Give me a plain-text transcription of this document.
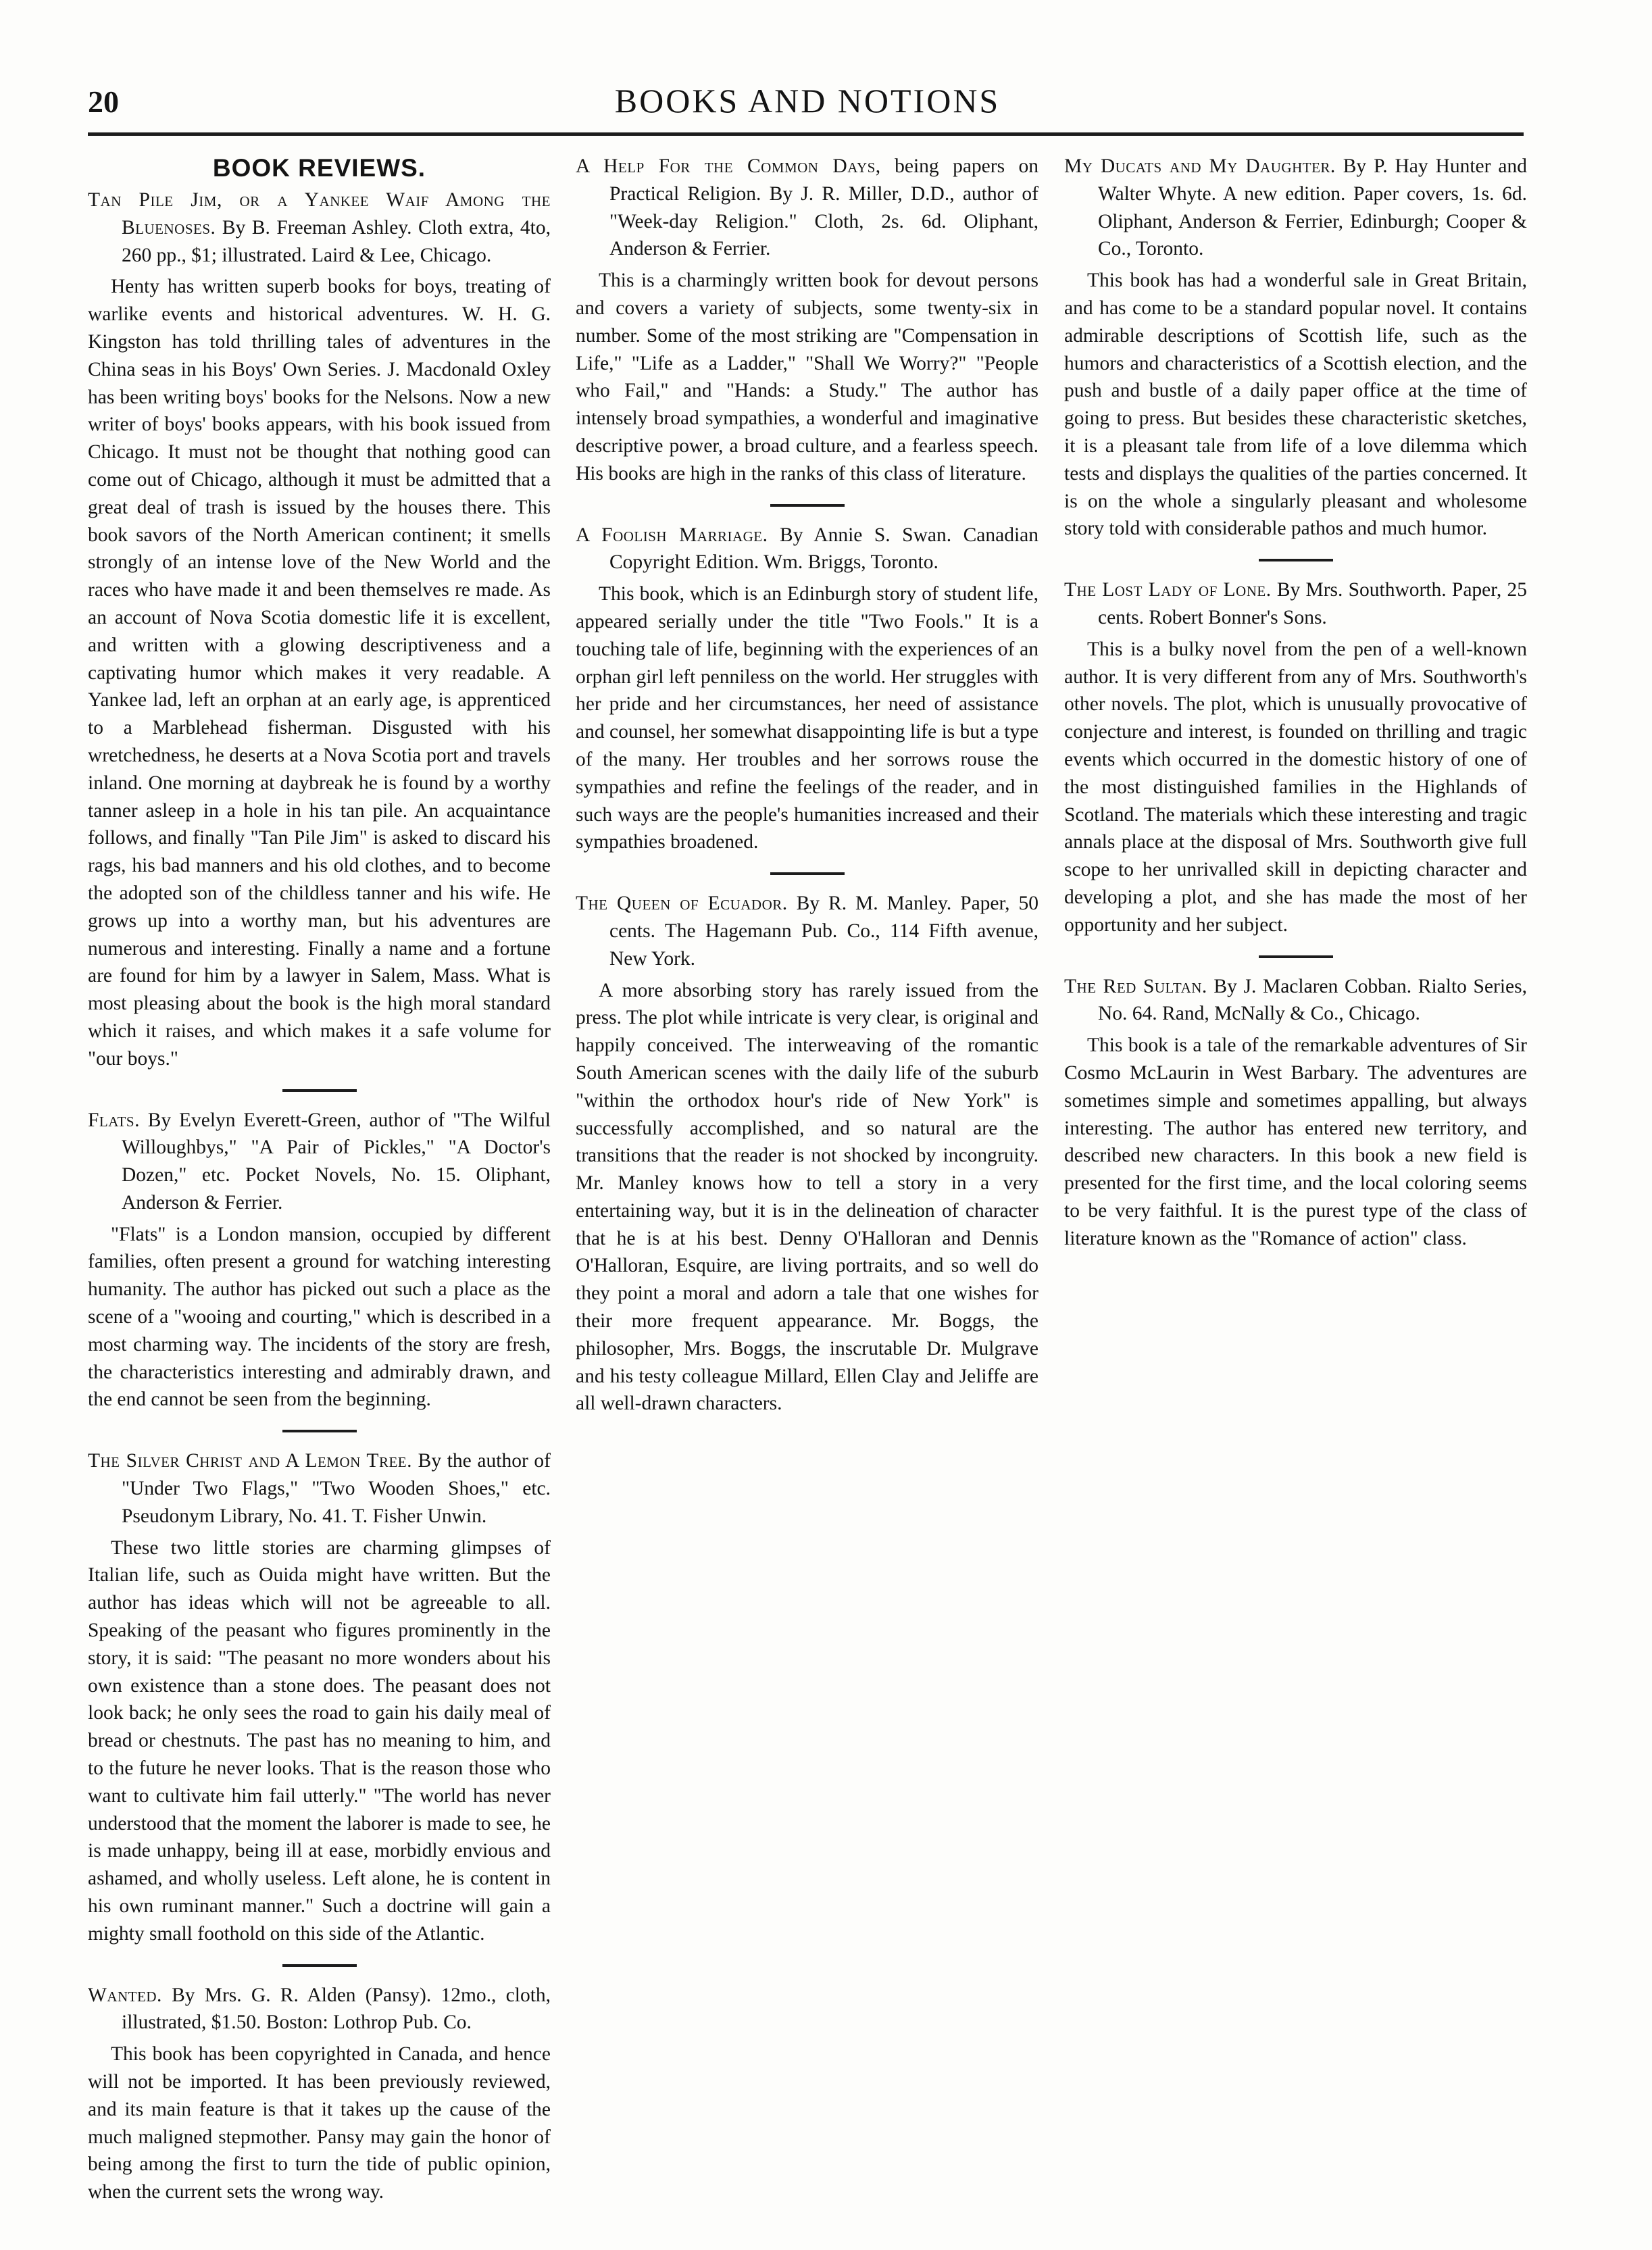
20	BOOKS AND NOTIONS
BOOK REVIEWS.

Tan Pile Jim, or a Yankee Waif Among the Bluenoses. By B. Freeman Ashley. Cloth extra, 4to, 260 pp., $1; illustrated. Laird & Lee, Chicago.

Henty has written superb books for boys, treating of warlike events and historical adventures. W. H. G. Kingston has told thrilling tales of adventures in the China seas in his Boys' Own Series. J. Macdonald Oxley has been writing boys' books for the Nelsons. Now a new writer of boys' books appears, with his book issued from Chicago. It must not be thought that nothing good can come out of Chicago, although it must be admitted that a great deal of trash is issued by the houses there. This book savors of the North American continent; it smells strongly of an intense love of the New World and the races who have made it and been themselves re made. As an account of Nova Scotia domestic life it is excellent, and written with a glowing descriptiveness and a captivating humor which makes it very readable. A Yankee lad, left an orphan at an early age, is apprenticed to a Marblehead fisherman. Disgusted with his wretchedness, he deserts at a Nova Scotia port and travels inland. One morning at daybreak he is found by a worthy tanner asleep in a hole in his tan pile. An acquaintance follows, and finally "Tan Pile Jim" is asked to discard his rags, his bad manners and his old clothes, and to become the adopted son of the childless tanner and his wife. He grows up into a worthy man, but his adventures are numerous and interesting. Finally a name and a fortune are found for him by a lawyer in Salem, Mass. What is most pleasing about the book is the high moral standard which it raises, and which makes it a safe volume for "our boys."

Flats. By Evelyn Everett-Green, author of "The Wilful Willoughbys," "A Pair of Pickles," "A Doctor's Dozen," etc. Pocket Novels, No. 15. Oliphant, Anderson & Ferrier.

"Flats" is a London mansion, occupied by different families, often present a ground for watching interesting humanity. The author has picked out such a place as the scene of a "wooing and courting," which is described in a most charming way. The incidents of the story are fresh, the characteristics interesting and admirably drawn, and the end cannot be seen from the beginning.

The Silver Christ and A Lemon Tree. By the author of "Under Two Flags," "Two Wooden Shoes," etc. Pseudonym Library, No. 41. T. Fisher Unwin.

These two little stories are charming glimpses of Italian life, such as Ouida might have written. But the author has ideas which will not be agreeable to all. Speaking of the peasant who figures prominently in the story, it is said: "The peasant no more wonders about his own existence than a stone does. The peasant does not look back; he only sees the road to gain his daily meal of bread or chestnuts. The past has no meaning to him, and to the future he never looks. That is the reason those who want to cultivate him fail utterly." "The world has never understood that the moment the laborer is made to see, he is made unhappy, being ill at ease, morbidly envious and ashamed, and wholly useless. Left alone, he is content in his own ruminant manner." Such a doctrine will gain a mighty small foothold on this side of the Atlantic.

Wanted. By Mrs. G. R. Alden (Pansy). 12mo., cloth, illustrated, $1.50. Boston: Lothrop Pub. Co.

This book has been copyrighted in Canada, and hence will not be imported. It has been previously reviewed, and its main feature is that it takes up the cause of the much maligned stepmother. Pansy may gain the honor of being among the first to turn the tide of public opinion, when the current sets the wrong way.

A Help For the Common Days, being papers on Practical Religion. By J. R. Miller, D.D., author of "Week-day Religion." Cloth, 2s. 6d. Oliphant, Anderson & Ferrier.

This is a charmingly written book for devout persons and covers a variety of subjects, some twenty-six in number. Some of the most striking are "Compensation in Life," "Life as a Ladder," "Shall We Worry?" "People who Fail," and "Hands: a Study." The author has intensely broad sympathies, a wonderful and imaginative descriptive power, a broad culture, and a fearless speech. His books are high in the ranks of this class of literature.

A Foolish Marriage. By Annie S. Swan. Canadian Copyright Edition. Wm. Briggs, Toronto.

This book, which is an Edinburgh story of student life, appeared serially under the title "Two Fools." It is a touching tale of life, beginning with the experiences of an orphan girl left penniless on the world. Her struggles with her pride and her circumstances, her need of assistance and counsel, her somewhat disappointing life is but a type of the many. Her troubles and her sorrows rouse the sympathies and refine the feelings of the reader, and in such ways are the people's humanities increased and their sympathies broadened.

The Queen of Ecuador. By R. M. Manley. Paper, 50 cents. The Hagemann Pub. Co., 114 Fifth avenue, New York.

A more absorbing story has rarely issued from the press. The plot while intricate is very clear, is original and happily conceived. The interweaving of the romantic South American scenes with the daily life of the suburb "within the orthodox hour's ride of New York" is successfully accomplished, and so natural are the transitions that the reader is not shocked by incongruity. Mr. Manley knows how to tell a story in a very entertaining way, but it is in the delineation of character that he is at his best. Denny O'Halloran and Dennis O'Halloran, Esquire, are living portraits, and so well do they point a moral and adorn a tale that one wishes for their more frequent appearance. Mr. Boggs, the philosopher, Mrs. Boggs, the inscrutable Dr. Mulgrave and his testy colleague Millard, Ellen Clay and Jeliffe are all well-drawn characters.

My Ducats and My Daughter. By P. Hay Hunter and Walter Whyte. A new edition. Paper covers, 1s. 6d. Oliphant, Anderson & Ferrier, Edinburgh; Cooper & Co., Toronto.

This book has had a wonderful sale in Great Britain, and has come to be a standard popular novel. It contains admirable descriptions of Scottish life, such as the humors and characteristics of a Scottish election, and the push and bustle of a daily paper office at the time of going to press. But besides these characteristic sketches, it is a pleasant tale from life of a love dilemma which tests and displays the qualities of the parties concerned. It is on the whole a singularly pleasant and wholesome story told with considerable pathos and much humor.

The Lost Lady of Lone. By Mrs. Southworth. Paper, 25 cents. Robert Bonner's Sons.

This is a bulky novel from the pen of a well-known author. It is very different from any of Mrs. Southworth's other novels. The plot, which is unusually provocative of conjecture and interest, is founded on thrilling and tragic events which occurred in the domestic history of one of the most distinguished families in the Highlands of Scotland. The materials which these interesting and tragic annals place at the disposal of Mrs. Southworth give full scope to her unrivalled skill in depicting character and developing a plot, and she has made the most of her opportunity and her subject.

The Red Sultan. By J. Maclaren Cobban. Rialto Series, No. 64. Rand, McNally & Co., Chicago.

This book is a tale of the remarkable adventures of Sir Cosmo McLaurin in West Barbary. The adventures are sometimes simple and sometimes appalling, but always interesting. The author has entered new territory, and described new characters. In this book a new field is presented for the first time, and the local coloring seems to be very faithful. It is the purest type of the class of literature known as the "Romance of action" class.
